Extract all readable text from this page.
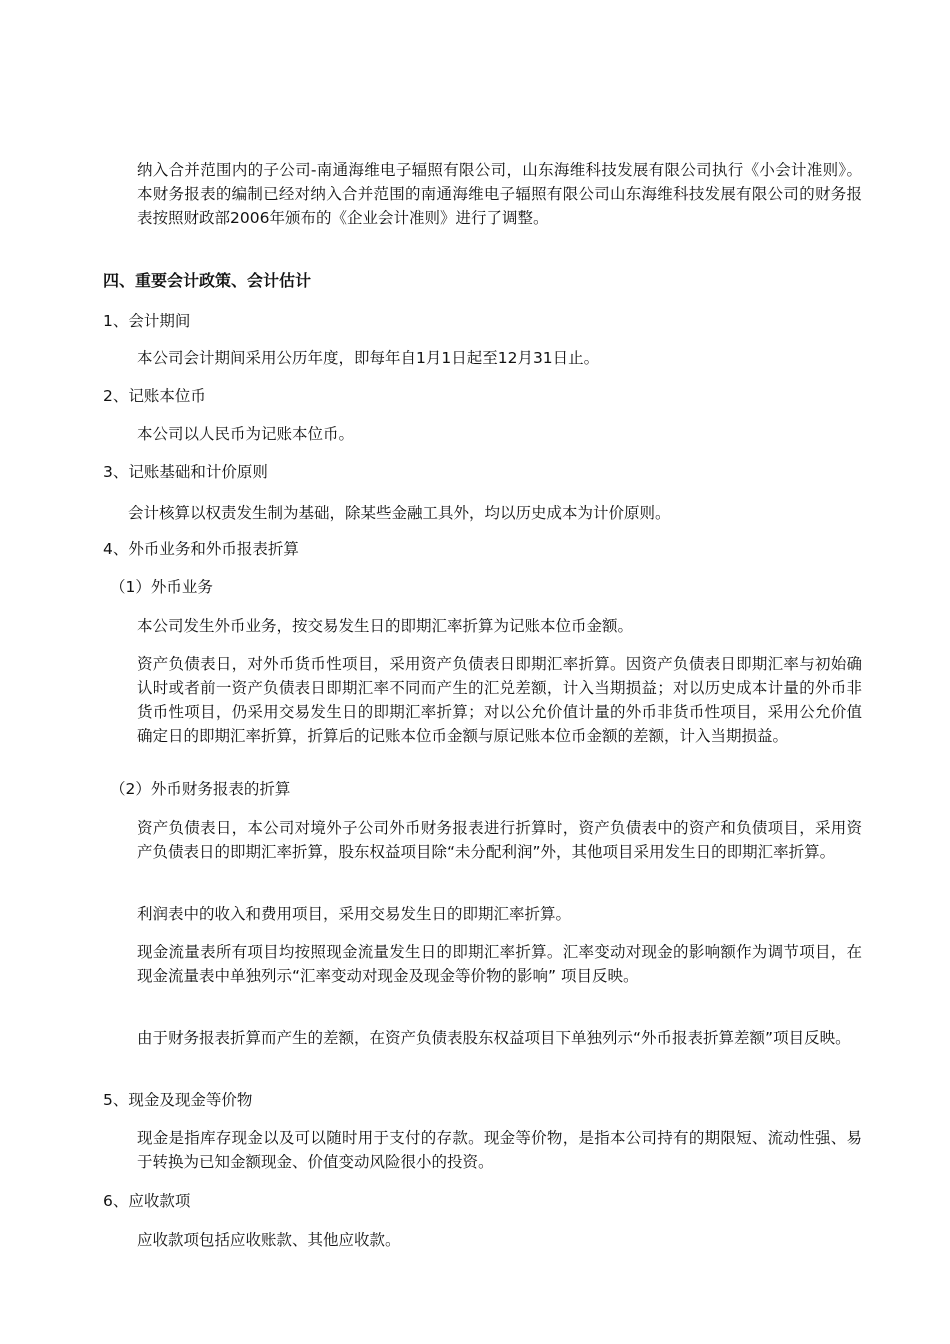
纳入合并范围内的子公司-南通海维电子辐照有限公司，山东海维科技发展有限公司执行《小会计准则》。本财务报表的编制已经对纳入合并范围的南通海维电子辐照有限公司山东海维科技发展有限公司的财务报表按照财政部2006年颁布的《企业会计准则》进行了调整。

四、重要会计政策、会计估计

1、会计期间

本公司会计期间采用公历年度，即每年自1月1日起至12月31日止。

2、记账本位币

本公司以人民币为记账本位币。

3、记账基础和计价原则

会计核算以权责发生制为基础，除某些金融工具外，均以历史成本为计价原则。

4、外币业务和外币报表折算

（1）外币业务

本公司发生外币业务，按交易发生日的即期汇率折算为记账本位币金额。

资产负债表日，对外币货币性项目，采用资产负债表日即期汇率折算。因资产负债表日即期汇率与初始确认时或者前一资产负债表日即期汇率不同而产生的汇兑差额，计入当期损益；对以历史成本计量的外币非货币性项目，仍采用交易发生日的即期汇率折算；对以公允价值计量的外币非货币性项目，采用公允价值确定日的即期汇率折算，折算后的记账本位币金额与原记账本位币金额的差额，计入当期损益。

（2）外币财务报表的折算

资产负债表日，本公司对境外子公司外币财务报表进行折算时，资产负债表中的资产和负债项目，采用资产负债表日的即期汇率折算，股东权益项目除“未分配利润”外，其他项目采用发生日的即期汇率折算。

利润表中的收入和费用项目，采用交易发生日的即期汇率折算。

现金流量表所有项目均按照现金流量发生日的即期汇率折算。汇率变动对现金的影响额作为调节项目，在现金流量表中单独列示“汇率变动对现金及现金等价物的影响” 项目反映。

由于财务报表折算而产生的差额，在资产负债表股东权益项目下单独列示“外币报表折算差额”项目反映。

5、现金及现金等价物

现金是指库存现金以及可以随时用于支付的存款。现金等价物，是指本公司持有的期限短、流动性强、易于转换为已知金额现金、价值变动风险很小的投资。

6、应收款项

应收款项包括应收账款、其他应收款。
